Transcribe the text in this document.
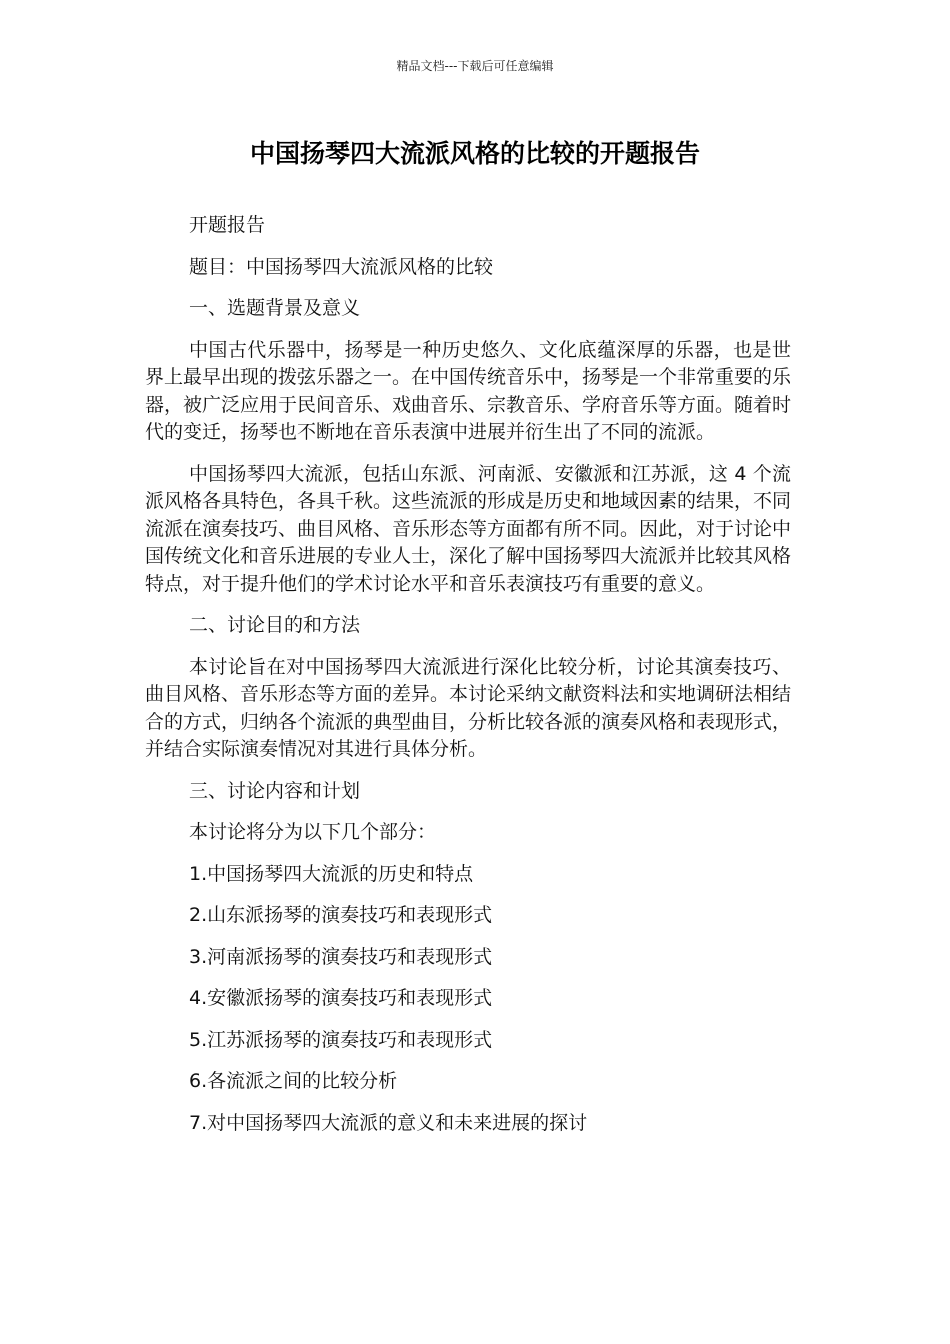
精品文档---下载后可任意编辑
中国扬琴四大流派风格的比较的开题报告

开题报告

题目：中国扬琴四大流派风格的比较

一、选题背景及意义

中国古代乐器中，扬琴是一种历史悠久、文化底蕴深厚的乐器，也是世界上最早出现的拨弦乐器之一。在中国传统音乐中，扬琴是一个非常重要的乐器，被广泛应用于民间音乐、戏曲音乐、宗教音乐、学府音乐等方面。随着时代的变迁，扬琴也不断地在音乐表演中进展并衍生出了不同的流派。

中国扬琴四大流派，包括山东派、河南派、安徽派和江苏派，这 4 个流派风格各具特色，各具千秋。这些流派的形成是历史和地域因素的结果，不同流派在演奏技巧、曲目风格、音乐形态等方面都有所不同。因此，对于讨论中国传统文化和音乐进展的专业人士，深化了解中国扬琴四大流派并比较其风格特点，对于提升他们的学术讨论水平和音乐表演技巧有重要的意义。

二、讨论目的和方法

本讨论旨在对中国扬琴四大流派进行深化比较分析，讨论其演奏技巧、曲目风格、音乐形态等方面的差异。本讨论采纳文献资料法和实地调研法相结合的方式，归纳各个流派的典型曲目，分析比较各派的演奏风格和表现形式，并结合实际演奏情况对其进行具体分析。

三、讨论内容和计划

本讨论将分为以下几个部分：

1.中国扬琴四大流派的历史和特点

2.山东派扬琴的演奏技巧和表现形式

3.河南派扬琴的演奏技巧和表现形式

4.安徽派扬琴的演奏技巧和表现形式

5.江苏派扬琴的演奏技巧和表现形式

6.各流派之间的比较分析

7.对中国扬琴四大流派的意义和未来进展的探讨
